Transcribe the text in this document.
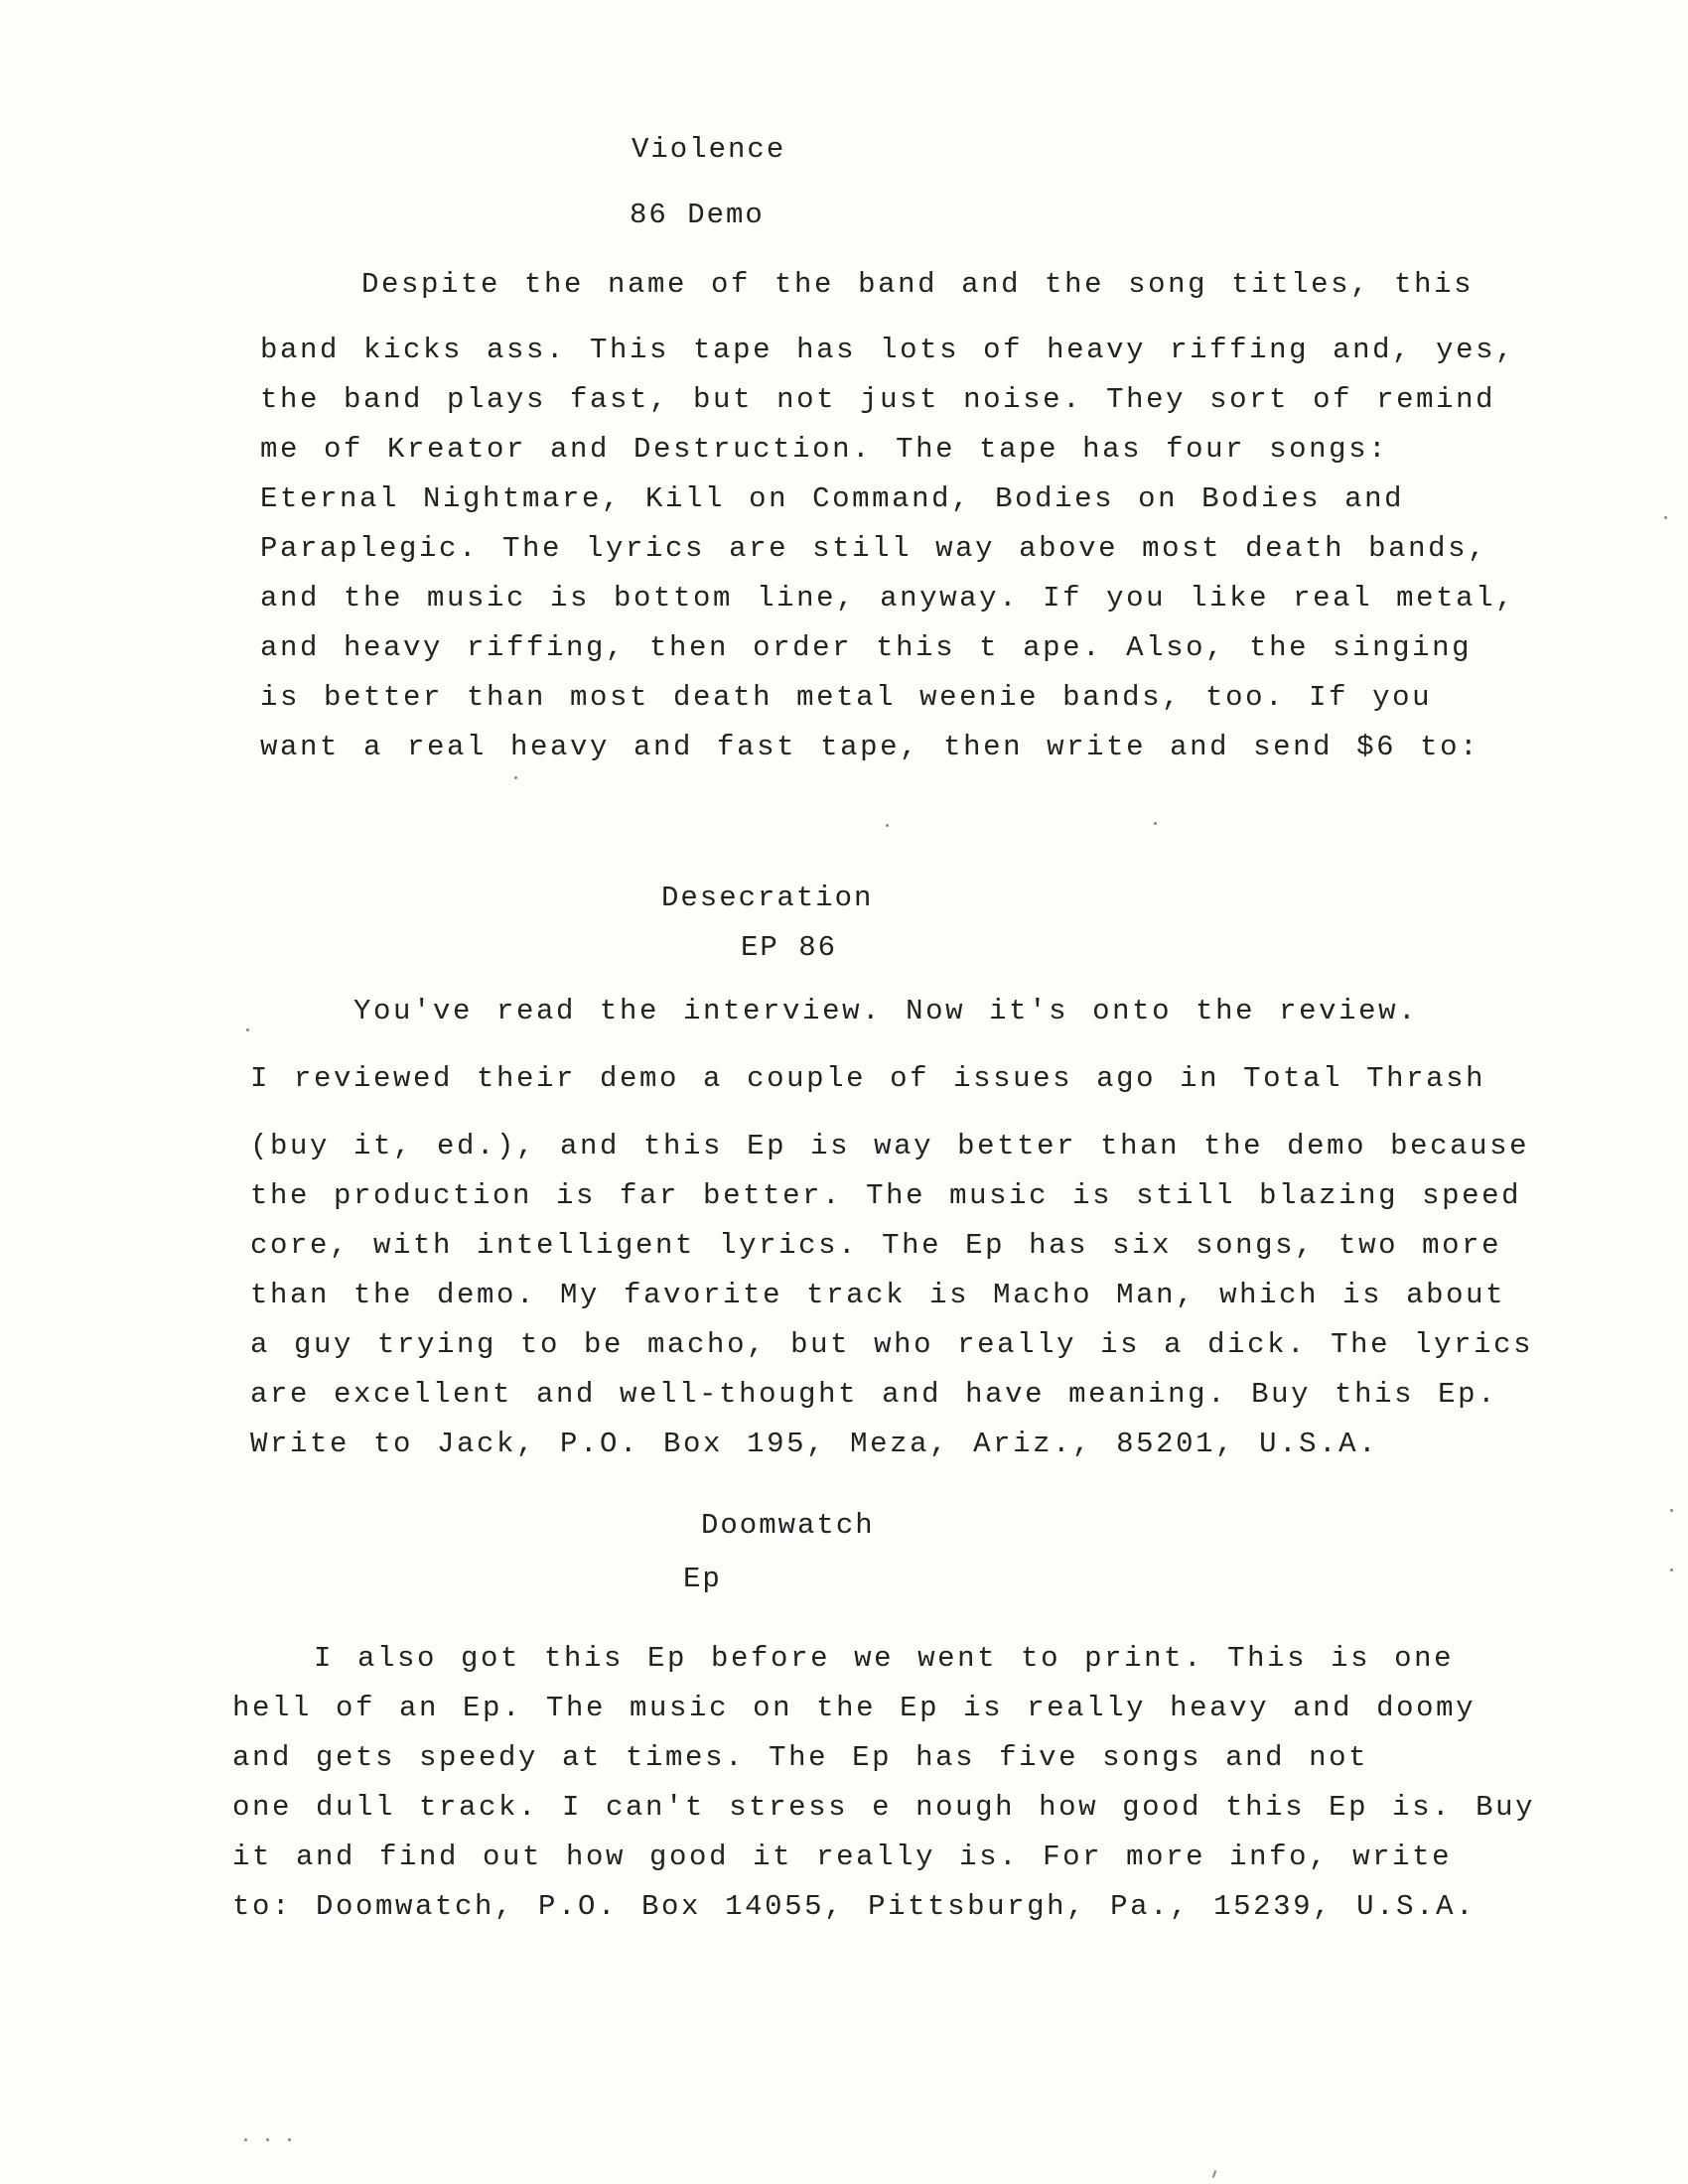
Violence
86 Demo
Despite the name of the band and the song titles, this
band kicks ass. This tape has lots of heavy riffing and, yes,
the band plays fast, but not just noise. They sort of remind
me of Kreator and Destruction. The tape has four songs:
Eternal Nightmare, Kill on Command, Bodies on Bodies and
Paraplegic. The lyrics are still way above most death bands,
and the music is bottom line, anyway. If you like real metal,
and heavy riffing, then order this t ape. Also, the singing
is better than most death metal weenie bands, too. If you
want a real heavy and fast tape, then write and send $6 to:
Desecration
EP 86
You've read the interview. Now it's onto the review.
I reviewed their demo a couple of issues ago in Total Thrash
(buy it, ed.), and this Ep is way better than the demo because
the production is far better. The music is still blazing speed
core, with intelligent lyrics. The Ep has six songs, two more
than the demo. My favorite track is Macho Man, which is about
a guy trying to be macho, but who really is a dick. The lyrics
are excellent and well-thought and have meaning. Buy this Ep.
Write to Jack, P.O. Box 195, Meza, Ariz., 85201, U.S.A.
Doomwatch
Ep
I also got this Ep before we went to print. This is one
hell of an Ep. The music on the Ep is really heavy and doomy
and gets speedy at times. The Ep has five songs and not
one dull track. I can't stress e nough how good this Ep is. Buy
it and find out how good it really is. For more info, write
to: Doomwatch, P.O. Box 14055, Pittsburgh, Pa., 15239, U.S.A.
